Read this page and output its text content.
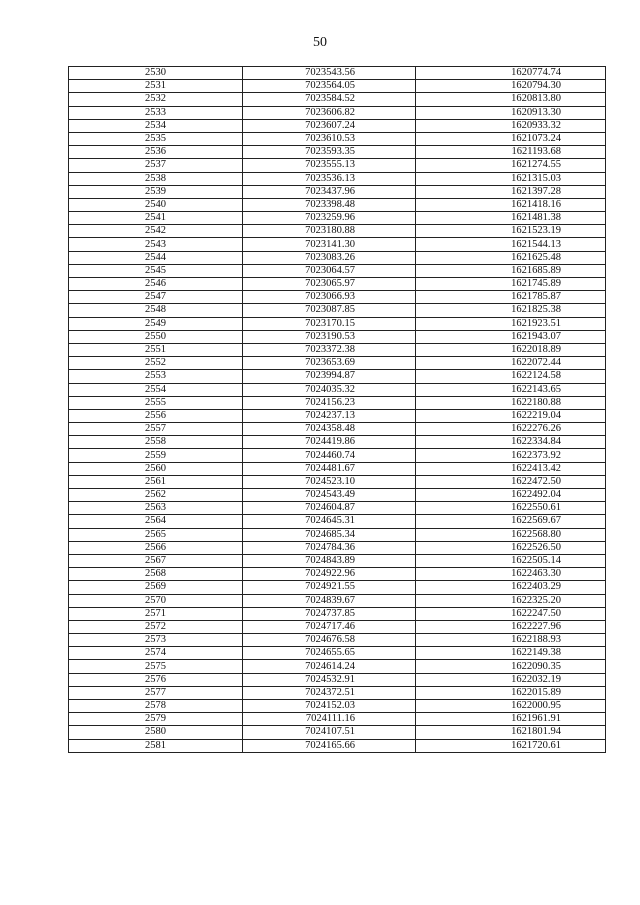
50
2530	7023543.56	1620774.74
2531	7023564.05	1620794.30
2532	7023584.52	1620813.80
2533	7023606.82	1620913.30
2534	7023607.24	1620933.32
2535	7023610.53	1621073.24
2536	7023593.35	1621193.68
2537	7023555.13	1621274.55
2538	7023536.13	1621315.03
2539	7023437.96	1621397.28
2540	7023398.48	1621418.16
2541	7023259.96	1621481.38
2542	7023180.88	1621523.19
2543	7023141.30	1621544.13
2544	7023083.26	1621625.48
2545	7023064.57	1621685.89
2546	7023065.97	1621745.89
2547	7023066.93	1621785.87
2548	7023087.85	1621825.38
2549	7023170.15	1621923.51
2550	7023190.53	1621943.07
2551	7023372.38	1622018.89
2552	7023653.69	1622072.44
2553	7023994.87	1622124.58
2554	7024035.32	1622143.65
2555	7024156.23	1622180.88
2556	7024237.13	1622219.04
2557	7024358.48	1622276.26
2558	7024419.86	1622334.84
2559	7024460.74	1622373.92
2560	7024481.67	1622413.42
2561	7024523.10	1622472.50
2562	7024543.49	1622492.04
2563	7024604.87	1622550.61
2564	7024645.31	1622569.67
2565	7024685.34	1622568.80
2566	7024784.36	1622526.50
2567	7024843.89	1622505.14
2568	7024922.96	1622463.30
2569	7024921.55	1622403.29
2570	7024839.67	1622325.20
2571	7024737.85	1622247.50
2572	7024717.46	1622227.96
2573	7024676.58	1622188.93
2574	7024655.65	1622149.38
2575	7024614.24	1622090.35
2576	7024532.91	1622032.19
2577	7024372.51	1622015.89
2578	7024152.03	1622000.95
2579	7024111.16	1621961.91
2580	7024107.51	1621801.94
2581	7024165.66	1621720.61
